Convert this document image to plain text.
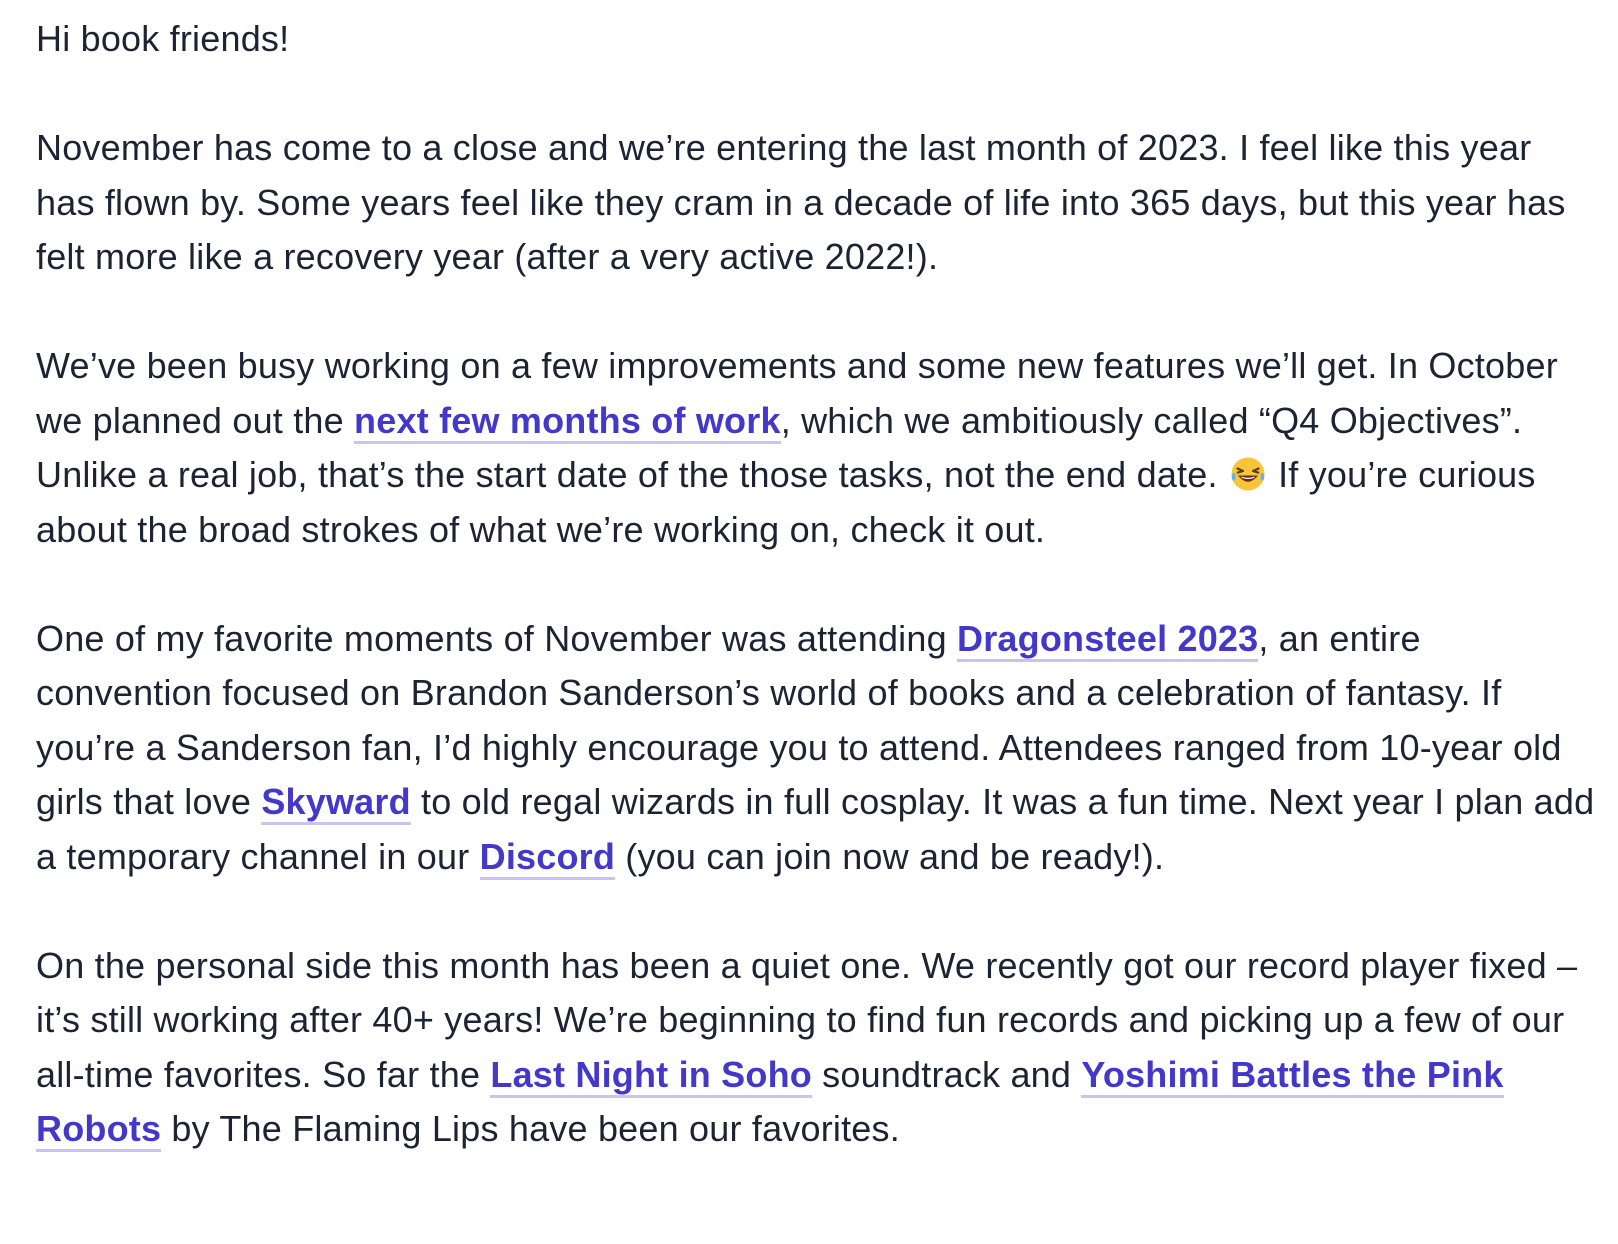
Hi book friends!

November has come to a close and we’re entering the last month of 2023. I feel like this year has flown by. Some years feel like they cram in a decade of life into 365 days, but this year has felt more like a recovery year (after a very active 2022!).

We’ve been busy working on a few improvements and some new features we’ll get. In October we planned out the next few months of work, which we ambitiously called “Q4 Objectives”. Unlike a real job, that’s the start date of the those tasks, not the end date.  If you’re curious about the broad strokes of what we’re working on, check it out.

One of my favorite moments of November was attending Dragonsteel 2023, an entire convention focused on Brandon Sanderson’s world of books and a celebration of fantasy. If you’re a Sanderson fan, I’d highly encourage you to attend. Attendees ranged from 10-year old girls that love Skyward to old regal wizards in full cosplay. It was a fun time. Next year I plan add a temporary channel in our Discord (you can join now and be ready!).

On the personal side this month has been a quiet one. We recently got our record player fixed – it’s still working after 40+ years! We’re beginning to find fun records and picking up a few of our all-time favorites. So far the Last Night in Soho soundtrack and Yoshimi Battles the Pink Robots by The Flaming Lips have been our favorites.
